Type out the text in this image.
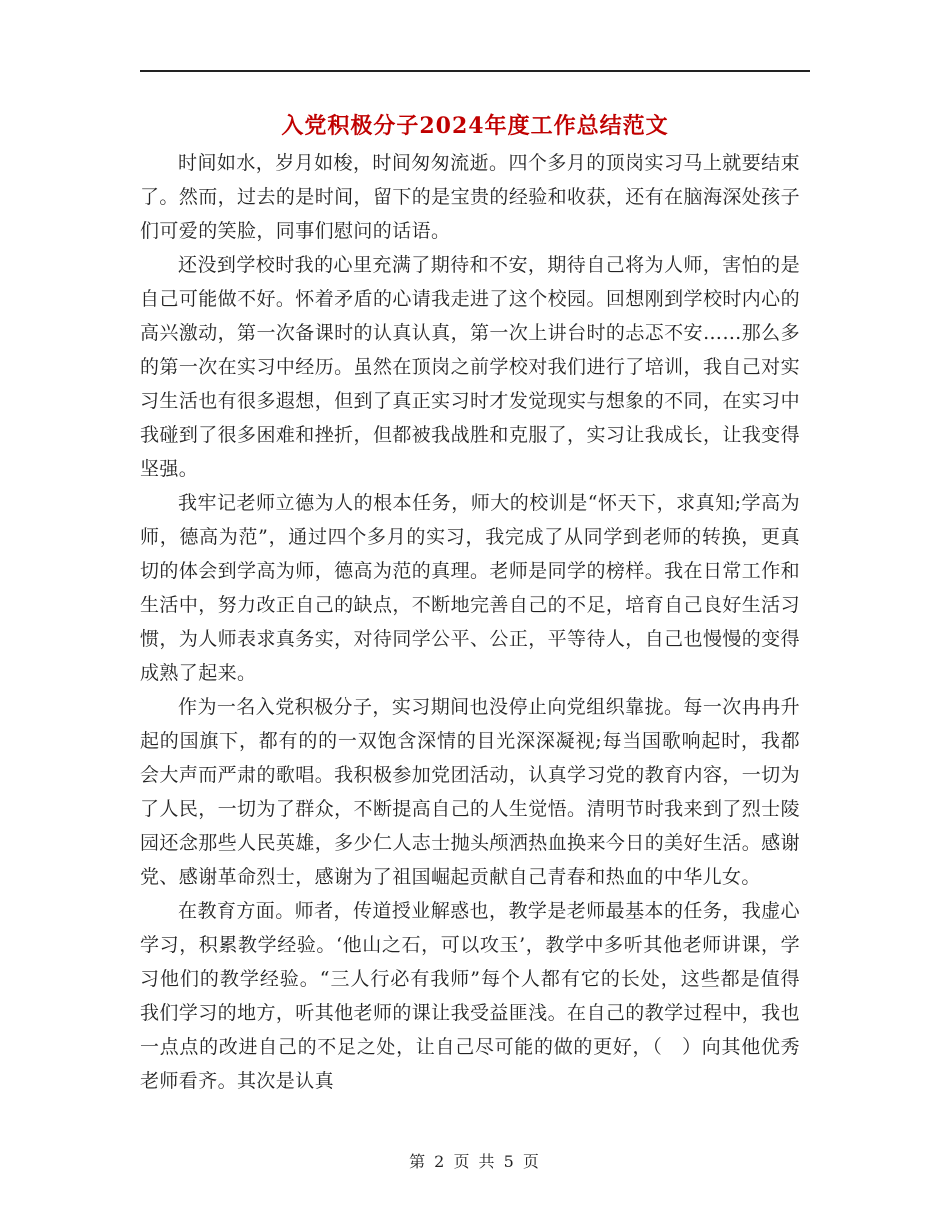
入党积极分子2024年度工作总结范文

时间如水，岁月如梭，时间匆匆流逝。四个多月的顶岗实习马上就要结束了。然而，过去的是时间，留下的是宝贵的经验和收获，还有在脑海深处孩子们可爱的笑脸，同事们慰问的话语。

还没到学校时我的心里充满了期待和不安，期待自己将为人师，害怕的是自己可能做不好。怀着矛盾的心请我走进了这个校园。回想刚到学校时内心的高兴激动，第一次备课时的认真认真，第一次上讲台时的忐忑不安……那么多的第一次在实习中经历。虽然在顶岗之前学校对我们进行了培训，我自己对实习生活也有很多遐想，但到了真正实习时才发觉现实与想象的不同，在实习中我碰到了很多困难和挫折，但都被我战胜和克服了，实习让我成长，让我变得坚强。

我牢记老师立德为人的根本任务，师大的校训是“怀天下，求真知;学高为师，德高为范”，通过四个多月的实习，我完成了从同学到老师的转换，更真切的体会到学高为师，德高为范的真理。老师是同学的榜样。我在日常工作和生活中，努力改正自己的缺点，不断地完善自己的不足，培育自己良好生活习惯，为人师表求真务实，对待同学公平、公正，平等待人，自己也慢慢的变得成熟了起来。

作为一名入党积极分子，实习期间也没停止向党组织靠拢。每一次冉冉升起的国旗下，都有的的一双饱含深情的目光深深凝视;每当国歌响起时，我都会大声而严肃的歌唱。我积极参加党团活动，认真学习党的教育内容，一切为了人民，一切为了群众，不断提高自己的人生觉悟。清明节时我来到了烈士陵园还念那些人民英雄，多少仁人志士抛头颅洒热血换来今日的美好生活。感谢党、感谢革命烈士，感谢为了祖国崛起贡献自己青春和热血的中华儿女。

在教育方面。师者，传道授业解惑也，教学是老师最基本的任务，我虚心学习，积累教学经验。‘他山之石，可以攻玉’，教学中多听其他老师讲课，学习他们的教学经验。“三人行必有我师”每个人都有它的长处，这些都是值得我们学习的地方，听其他老师的课让我受益匪浅。在自己的教学过程中，我也一点点的改进自己的不足之处，让自己尽可能的做的更好，（　）向其他优秀老师看齐。其次是认真

第 2 页 共 5 页
